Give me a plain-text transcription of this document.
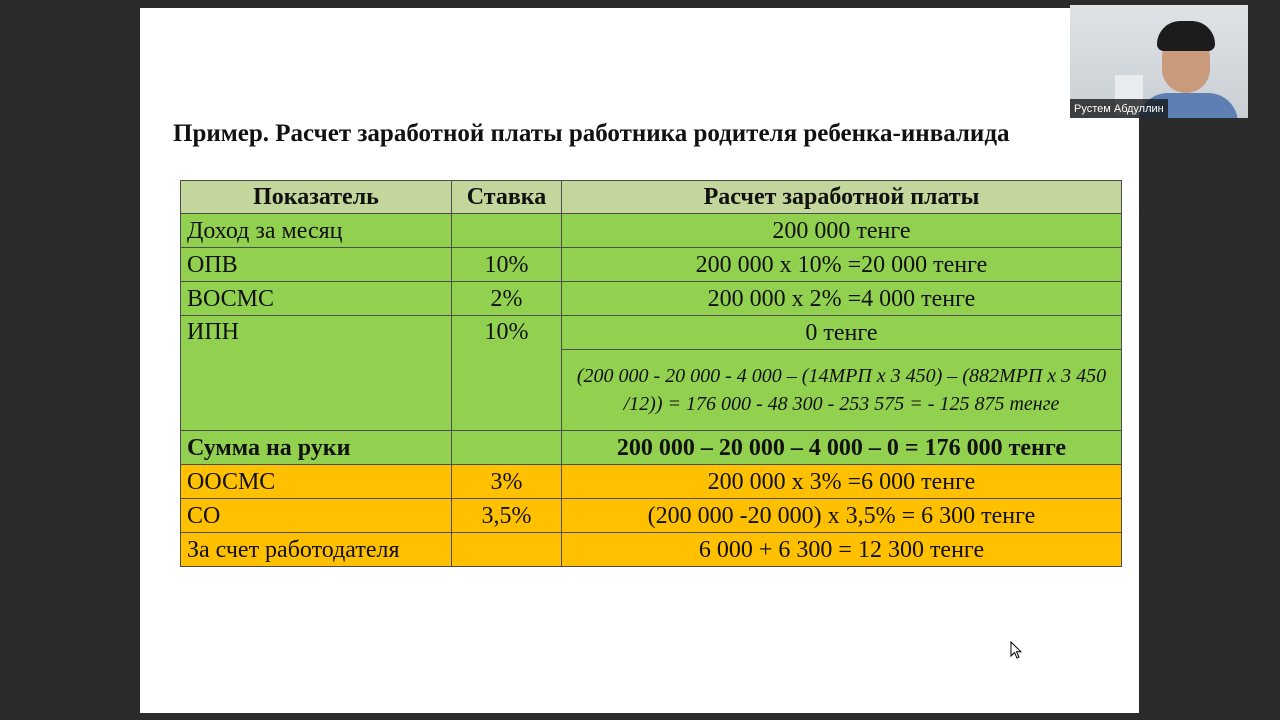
Пример. Расчет заработной платы работника родителя ребенка-инвалида
Показатель	Ставка	Расчет заработной платы
Доход за месяц		200 000 тенге
ОПВ	10%	200 000 х 10% =20 000 тенге
ВОСМС	2%	200 000 х 2% =4 000 тенге
ИПН	10%	0 тенге
		(200 000 - 20 000 - 4 000 – (14МРП х 3 450) – (882МРП х 3 450 /12)) = 176 000 - 48 300 - 253 575 = - 125 875 тенге
Сумма на руки		200 000 – 20 000 – 4 000 – 0 = 176 000 тенге
ООСМС	3%	200 000 х 3% =6 000 тенге
СО	3,5%	(200 000 -20 000) х 3,5% = 6 300 тенге
За счет работодателя		6 000 + 6 300 = 12 300 тенге
Рустем Абдуллин
